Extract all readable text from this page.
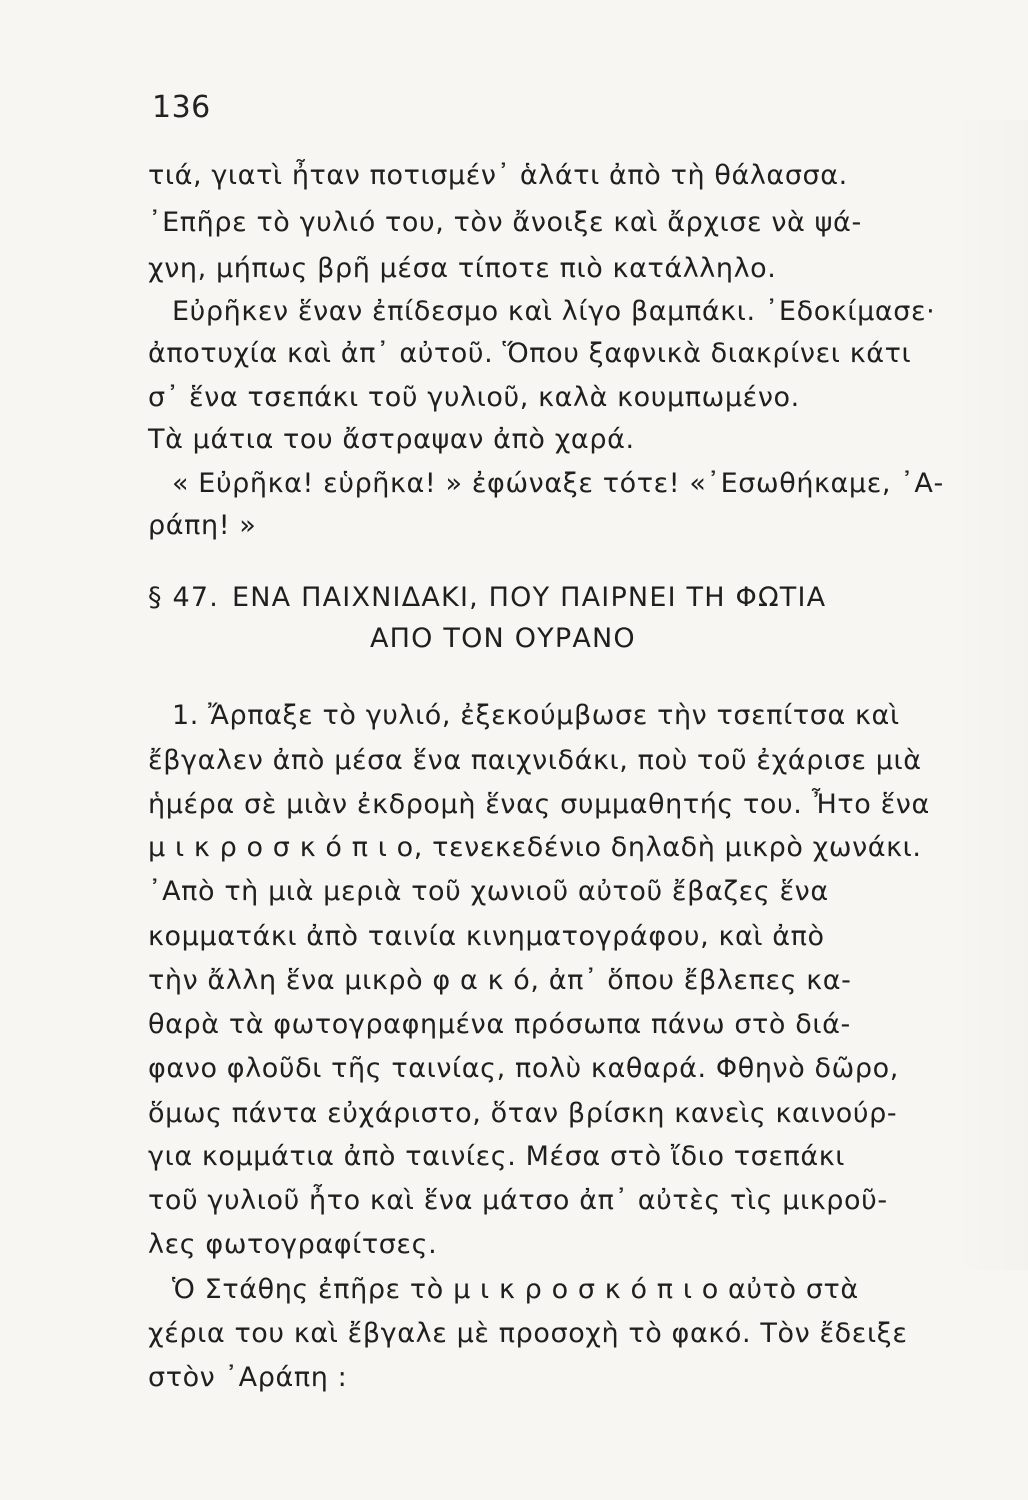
136
τιά, γιατὶ ἦταν ποτισμέν᾽ ἁλάτι ἀπὸ τὴ θάλασσα.
᾽Επῆρε τὸ γυλιό του, τὸν ἄνοιξε καὶ ἄρχισε νὰ ψά-
χνη, μήπως βρῆ μέσα τίποτε πιὸ κατάλληλο.
Εὐρῆκεν ἕναν ἐπίδεσμο καὶ λίγο βαμπάκι. ᾽Εδοκίμασε·
ἀποτυχία καὶ ἀπ᾽ αὐτοῦ. Ὅπου ξαφνικὰ διακρίνει κάτι
σ᾽ ἕνα τσεπάκι τοῦ γυλιοῦ, καλὰ κουμπωμένο.
Τὰ μάτια του ἄστραψαν ἀπὸ χαρά.
« Εὐρῆκα! εὑρῆκα! » ἐφώναξε τότε! «᾽Εσωθήκαμε, ᾽Α-
ράπη! »
§ 47. ΕΝΑ ΠΑΙΧΝΙΔΑΚΙ, ΠΟΥ ΠΑΙΡΝΕΙ ΤΗ ΦΩΤΙΑ
ΑΠΟ ΤΟΝ ΟΥΡΑΝΟ
1. Ἄρπαξε τὸ γυλιό, ἐξεκούμβωσε τὴν τσεπίτσα καὶ
ἔβγαλεν ἀπὸ μέσα ἕνα παιχνιδάκι, ποὺ τοῦ ἐχάρισε μιὰ
ἡμέρα σὲ μιὰν ἐκδρομὴ ἕνας συμμαθητής του. Ἦτο ἕνα
μ ι κ ρ ο σ κ ό π ι ο, τενεκεδένιο δηλαδὴ μικρὸ χωνάκι.
᾽Απὸ τὴ μιὰ μεριὰ τοῦ χωνιοῦ αὐτοῦ ἔβαζες ἕνα
κομματάκι ἀπὸ ταινία κινηματογράφου, καὶ ἀπὸ
τὴν ἄλλη ἕνα μικρὸ φ α κ ό, ἀπ᾽ ὅπου ἔβλεπες κα-
θαρὰ τὰ φωτογραφημένα πρόσωπα πάνω στὸ διά-
φανο φλοῦδι τῆς ταινίας, πολὺ καθαρά. Φθηνὸ δῶρο,
ὅμως πάντα εὐχάριστο, ὅταν βρίσκη κανεὶς καινούρ-
για κομμάτια ἀπὸ ταινίες. Μέσα στὸ ἴδιο τσεπάκι
τοῦ γυλιοῦ ἦτο καὶ ἕνα μάτσο ἀπ᾽ αὐτὲς τὶς μικροῦ-
λες φωτογραφίτσες.
Ὁ Στάθης ἐπῆρε τὸ μ ι κ ρ ο σ κ ό π ι ο αὐτὸ στὰ
χέρια του καὶ ἔβγαλε μὲ προσοχὴ τὸ φακό. Τὸν ἔδειξε
στὸν ᾽Αράπη :
